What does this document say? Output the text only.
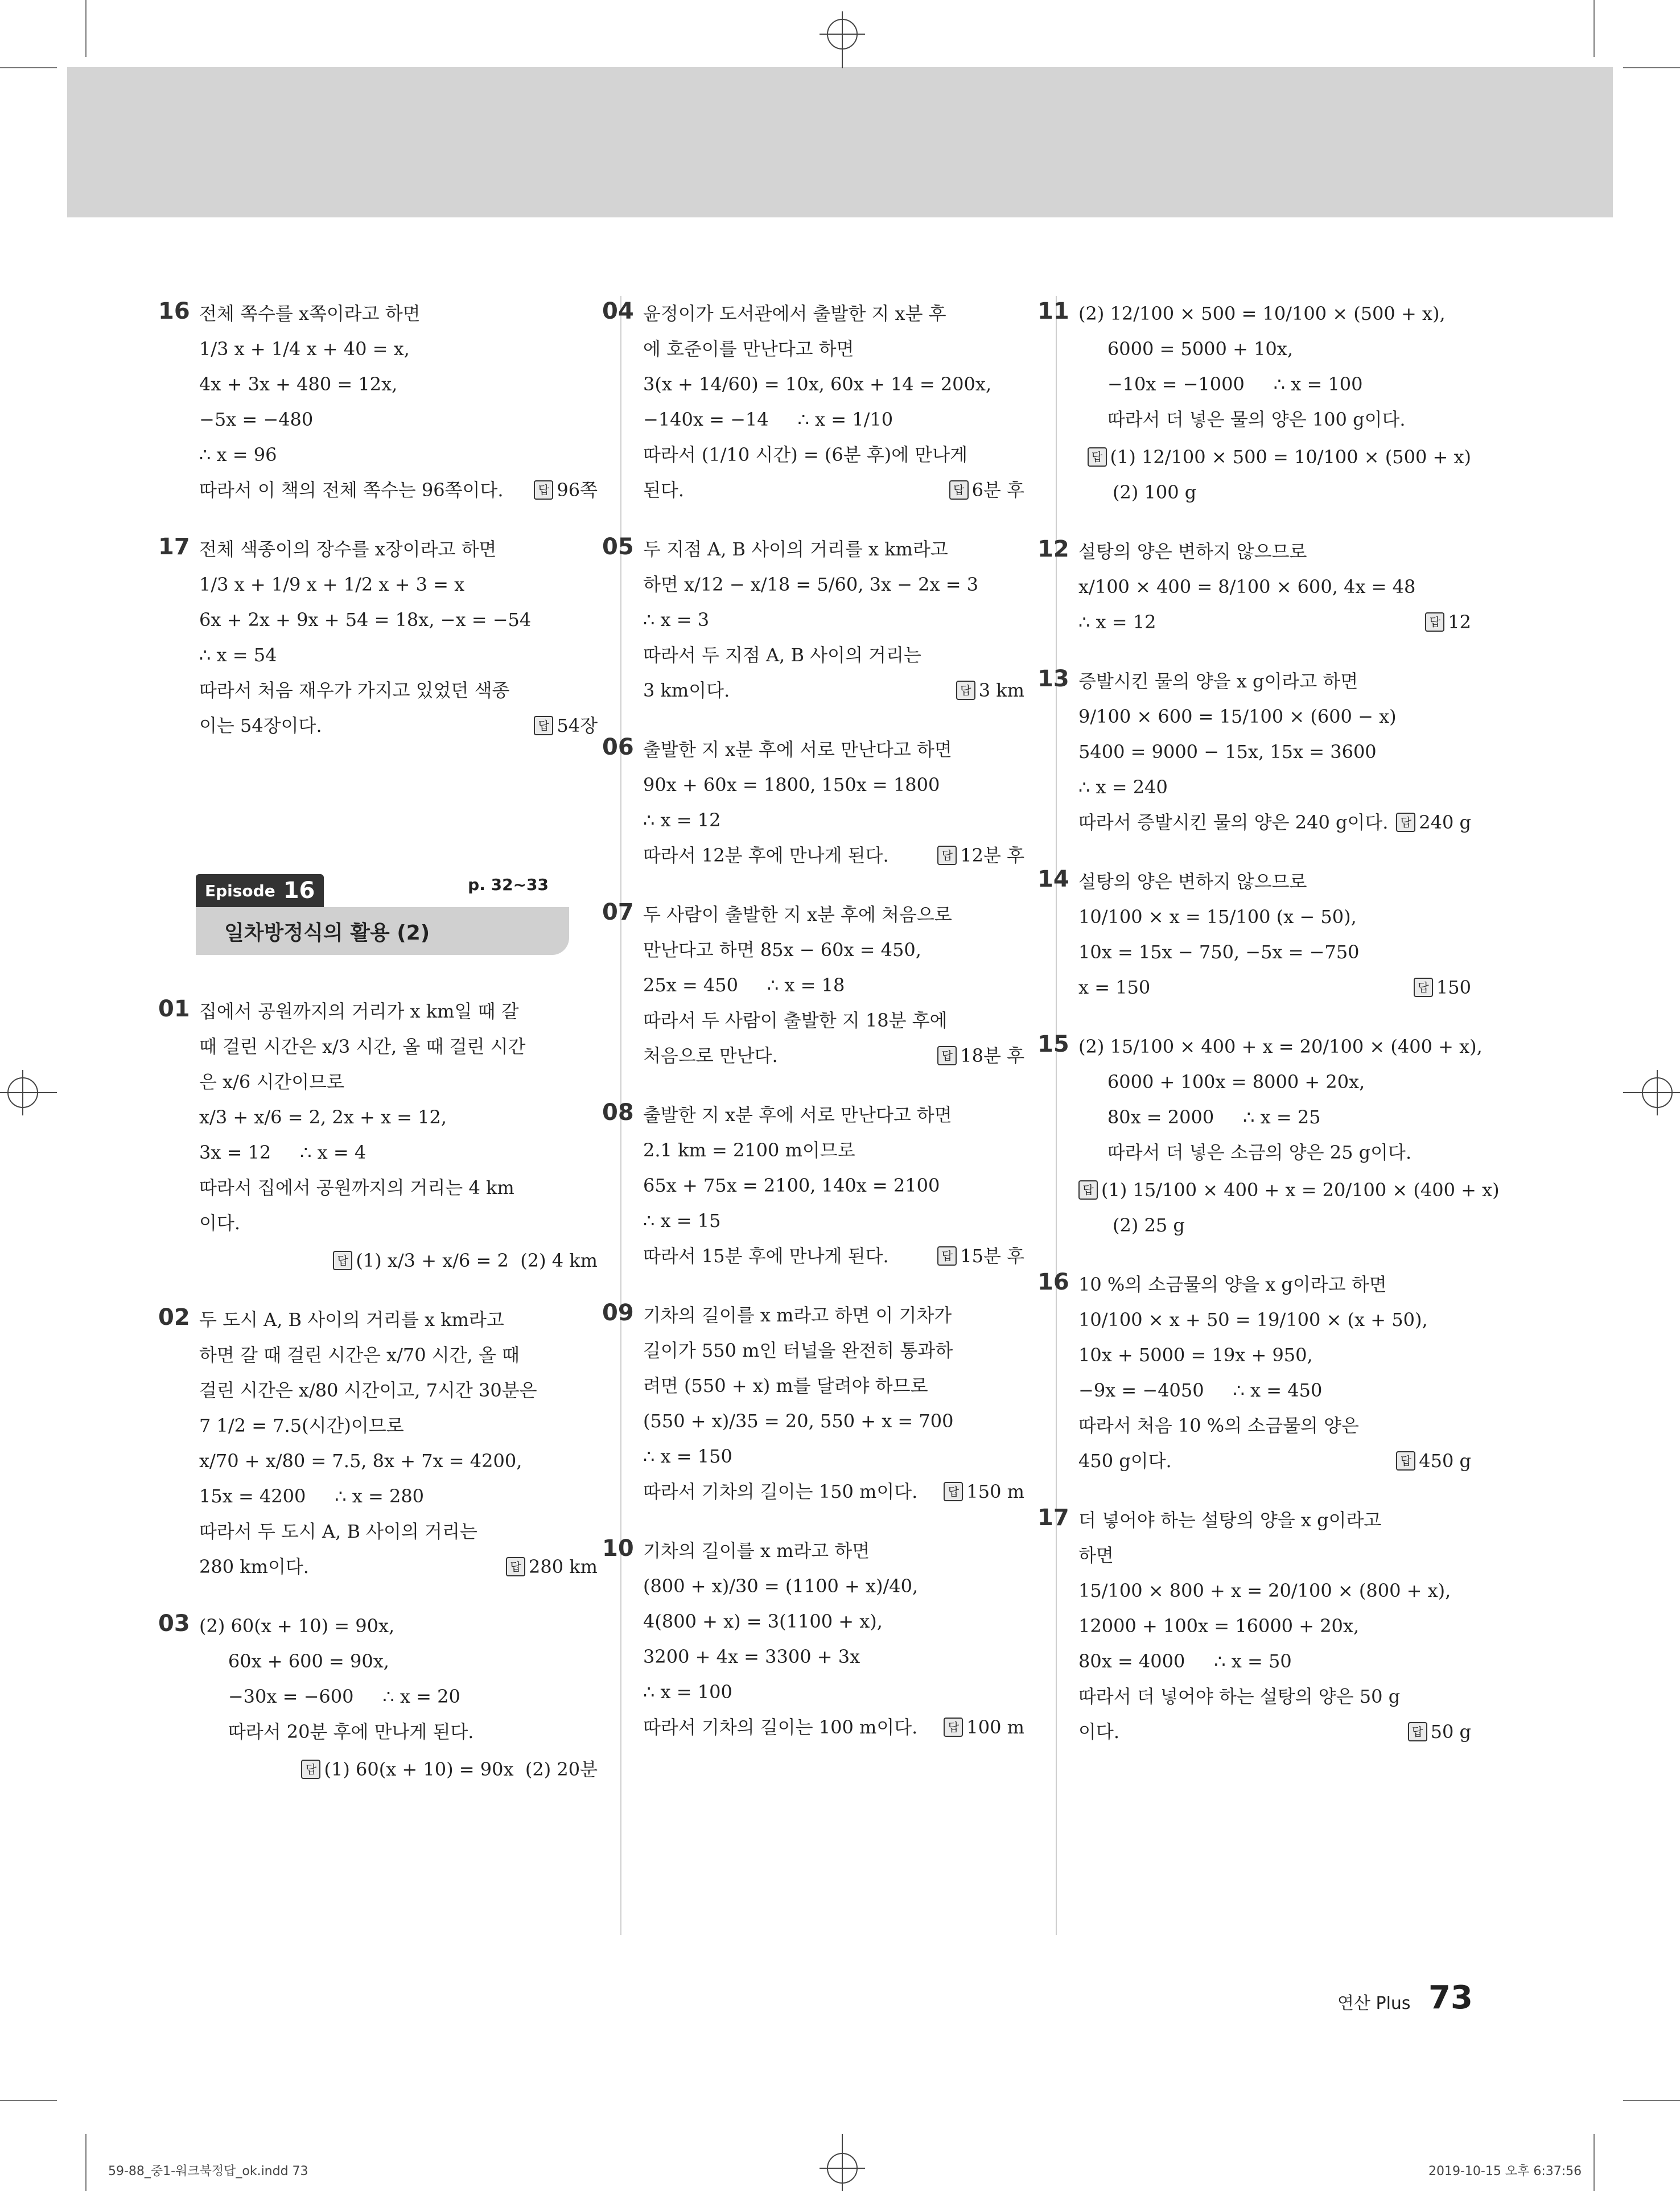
16 전체 쪽수를 x쪽이라고 하면
1/3 x + 1/4 x + 40 = x,
4x + 3x + 480 = 12x,
−5x = −480
∴ x = 96
따라서 이 책의 전체 쪽수는 96쪽이다.	답 96쪽
17 전체 색종이의 장수를 x장이라고 하면
1/3 x + 1/9 x + 1/2 x + 3 = x
6x + 2x + 9x + 54 = 18x, −x = −54
∴ x = 54
따라서 처음 재우가 가지고 있었던 색종
이는 54장이다.	답 54장
Episode 16	p. 32~33
일차방정식의 활용 (2)
01 집에서 공원까지의 거리가 x km일 때 갈
때 걸린 시간은 x/3 시간, 올 때 걸린 시간
은 x/6 시간이므로
x/3 + x/6 = 2, 2x + x = 12,
3x = 12     ∴ x = 4
따라서 집에서 공원까지의 거리는 4 km
이다.
답 (1) x/3 + x/6 = 2  (2) 4 km
02 두 도시 A, B 사이의 거리를 x km라고
하면 갈 때 걸린 시간은 x/70 시간, 올 때
걸린 시간은 x/80 시간이고, 7시간 30분은
7 1/2 = 7.5(시간)이므로
x/70 + x/80 = 7.5, 8x + 7x = 4200,
15x = 4200     ∴ x = 280
따라서 두 도시 A, B 사이의 거리는
280 km이다.	답 280 km
03 (2) 60(x + 10) = 90x,
60x + 600 = 90x,
−30x = −600     ∴ x = 20
따라서 20분 후에 만나게 된다.
답 (1) 60(x + 10) = 90x  (2) 20분
04 윤정이가 도서관에서 출발한 지 x분 후
에 호준이를 만난다고 하면
3(x + 14/60) = 10x, 60x + 14 = 200x,
−140x = −14     ∴ x = 1/10
따라서 (1/10 시간) = (6분 후)에 만나게
된다.	답 6분 후
05 두 지점 A, B 사이의 거리를 x km라고
하면 x/12 − x/18 = 5/60, 3x − 2x = 3
∴ x = 3
따라서 두 지점 A, B 사이의 거리는
3 km이다.	답 3 km
06 출발한 지 x분 후에 서로 만난다고 하면
90x + 60x = 1800, 150x = 1800
∴ x = 12
따라서 12분 후에 만나게 된다.	답 12분 후
07 두 사람이 출발한 지 x분 후에 처음으로
만난다고 하면 85x − 60x = 450,
25x = 450     ∴ x = 18
따라서 두 사람이 출발한 지 18분 후에
처음으로 만난다.	답 18분 후
08 출발한 지 x분 후에 서로 만난다고 하면
2.1 km = 2100 m이므로
65x + 75x = 2100, 140x = 2100
∴ x = 15
따라서 15분 후에 만나게 된다.	답 15분 후
09 기차의 길이를 x m라고 하면 이 기차가
길이가 550 m인 터널을 완전히 통과하
려면 (550 + x) m를 달려야 하므로
(550 + x)/35 = 20, 550 + x = 700
∴ x = 150
따라서 기차의 길이는 150 m이다.	답 150 m
10 기차의 길이를 x m라고 하면
(800 + x)/30 = (1100 + x)/40,
4(800 + x) = 3(1100 + x),
3200 + 4x = 3300 + 3x
∴ x = 100
따라서 기차의 길이는 100 m이다.	답 100 m
11 (2) 12/100 × 500 = 10/100 × (500 + x),
6000 = 5000 + 10x,
−10x = −1000     ∴ x = 100
따라서 더 넣은 물의 양은 100 g이다.
답 (1) 12/100 × 500 = 10/100 × (500 + x)
(2) 100 g
12 설탕의 양은 변하지 않으므로
x/100 × 400 = 8/100 × 600, 4x = 48
∴ x = 12	답 12
13 증발시킨 물의 양을 x g이라고 하면
9/100 × 600 = 15/100 × (600 − x)
5400 = 9000 − 15x, 15x = 3600
∴ x = 240
따라서 증발시킨 물의 양은 240 g이다.	답 240 g
14 설탕의 양은 변하지 않으므로
10/100 × x = 15/100 (x − 50),
10x = 15x − 750, −5x = −750
x = 150	답 150
15 (2) 15/100 × 400 + x = 20/100 × (400 + x),
6000 + 100x = 8000 + 20x,
80x = 2000     ∴ x = 25
따라서 더 넣은 소금의 양은 25 g이다.
답 (1) 15/100 × 400 + x = 20/100 × (400 + x)
(2) 25 g
16 10 %의 소금물의 양을 x g이라고 하면
10/100 × x + 50 = 19/100 × (x + 50),
10x + 5000 = 19x + 950,
−9x = −4050     ∴ x = 450
따라서 처음 10 %의 소금물의 양은
450 g이다.	답 450 g
17 더 넣어야 하는 설탕의 양을 x g이라고
하면
15/100 × 800 + x = 20/100 × (800 + x),
12000 + 100x = 16000 + 20x,
80x = 4000     ∴ x = 50
따라서 더 넣어야 하는 설탕의 양은 50 g
이다.	답 50 g
연산 Plus 73
59-88_중1-워크북정답_ok.indd 73	2019-10-15 오후 6:37:56
